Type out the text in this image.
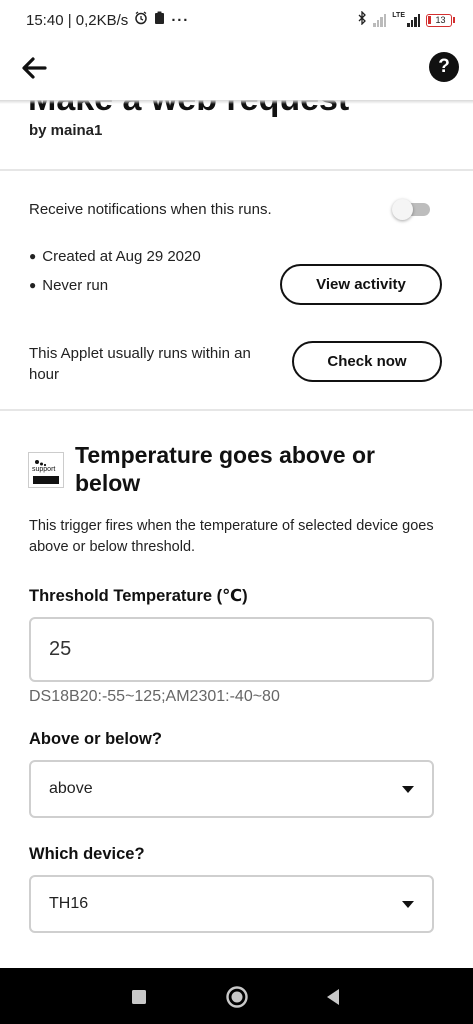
15:40 | 0,2KB/s	···	LTE	13
?
by maina1
Receive notifications when this runs.
● Created at Aug 29 2020
● Never run	View activity
This Applet usually runs within an hour
Check now
support
Temperature goes above or below
This trigger fires when the temperature of selected device goes above or below threshold.
Threshold Temperature (℃)
25
DS18B20:-55~125;AM2301:-40~80
Above or below?
above
Which device?
TH16
